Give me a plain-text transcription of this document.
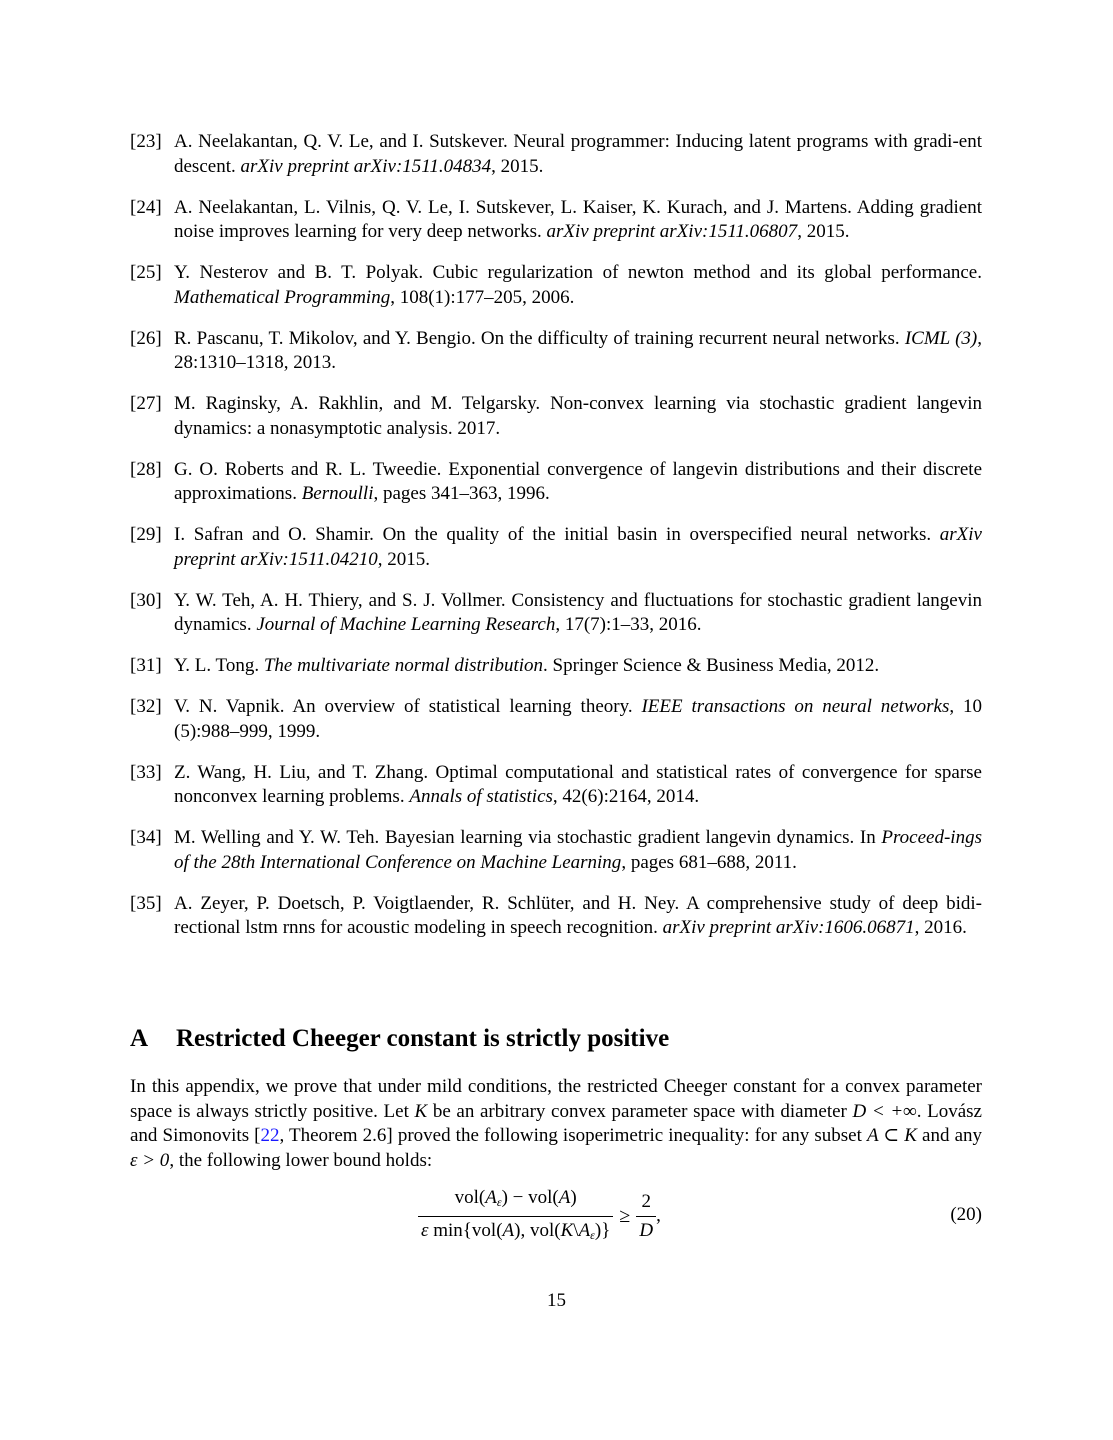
[23] A. Neelakantan, Q. V. Le, and I. Sutskever. Neural programmer: Inducing latent programs with gradi-ent descent. arXiv preprint arXiv:1511.04834, 2015.
[24] A. Neelakantan, L. Vilnis, Q. V. Le, I. Sutskever, L. Kaiser, K. Kurach, and J. Martens. Adding gradient noise improves learning for very deep networks. arXiv preprint arXiv:1511.06807, 2015.
[25] Y. Nesterov and B. T. Polyak. Cubic regularization of newton method and its global performance. Mathematical Programming, 108(1):177–205, 2006.
[26] R. Pascanu, T. Mikolov, and Y. Bengio. On the difficulty of training recurrent neural networks. ICML (3), 28:1310–1318, 2013.
[27] M. Raginsky, A. Rakhlin, and M. Telgarsky. Non-convex learning via stochastic gradient langevin dynamics: a nonasymptotic analysis. 2017.
[28] G. O. Roberts and R. L. Tweedie. Exponential convergence of langevin distributions and their discrete approximations. Bernoulli, pages 341–363, 1996.
[29] I. Safran and O. Shamir. On the quality of the initial basin in overspecified neural networks. arXiv preprint arXiv:1511.04210, 2015.
[30] Y. W. Teh, A. H. Thiery, and S. J. Vollmer. Consistency and fluctuations for stochastic gradient langevin dynamics. Journal of Machine Learning Research, 17(7):1–33, 2016.
[31] Y. L. Tong. The multivariate normal distribution. Springer Science & Business Media, 2012.
[32] V. N. Vapnik. An overview of statistical learning theory. IEEE transactions on neural networks, 10 (5):988–999, 1999.
[33] Z. Wang, H. Liu, and T. Zhang. Optimal computational and statistical rates of convergence for sparse nonconvex learning problems. Annals of statistics, 42(6):2164, 2014.
[34] M. Welling and Y. W. Teh. Bayesian learning via stochastic gradient langevin dynamics. In Proceed-ings of the 28th International Conference on Machine Learning, pages 681–688, 2011.
[35] A. Zeyer, P. Doetsch, P. Voigtlaender, R. Schlüter, and H. Ney. A comprehensive study of deep bidi-rectional lstm rnns for acoustic modeling in speech recognition. arXiv preprint arXiv:1606.06871, 2016.
A Restricted Cheeger constant is strictly positive
In this appendix, we prove that under mild conditions, the restricted Cheeger constant for a convex parameter space is always strictly positive. Let K be an arbitrary convex parameter space with diameter D < +∞. Lovász and Simonovits [22, Theorem 2.6] proved the following isoperimetric inequality: for any subset A ⊂ K and any ε > 0, the following lower bound holds:
$\frac{vol(A_\varepsilon) - vol(A)}{\varepsilon \min\{vol(A), vol(K\backslash A_\varepsilon)\}} \ge \frac{2}{D}$ ,	(20)
15
